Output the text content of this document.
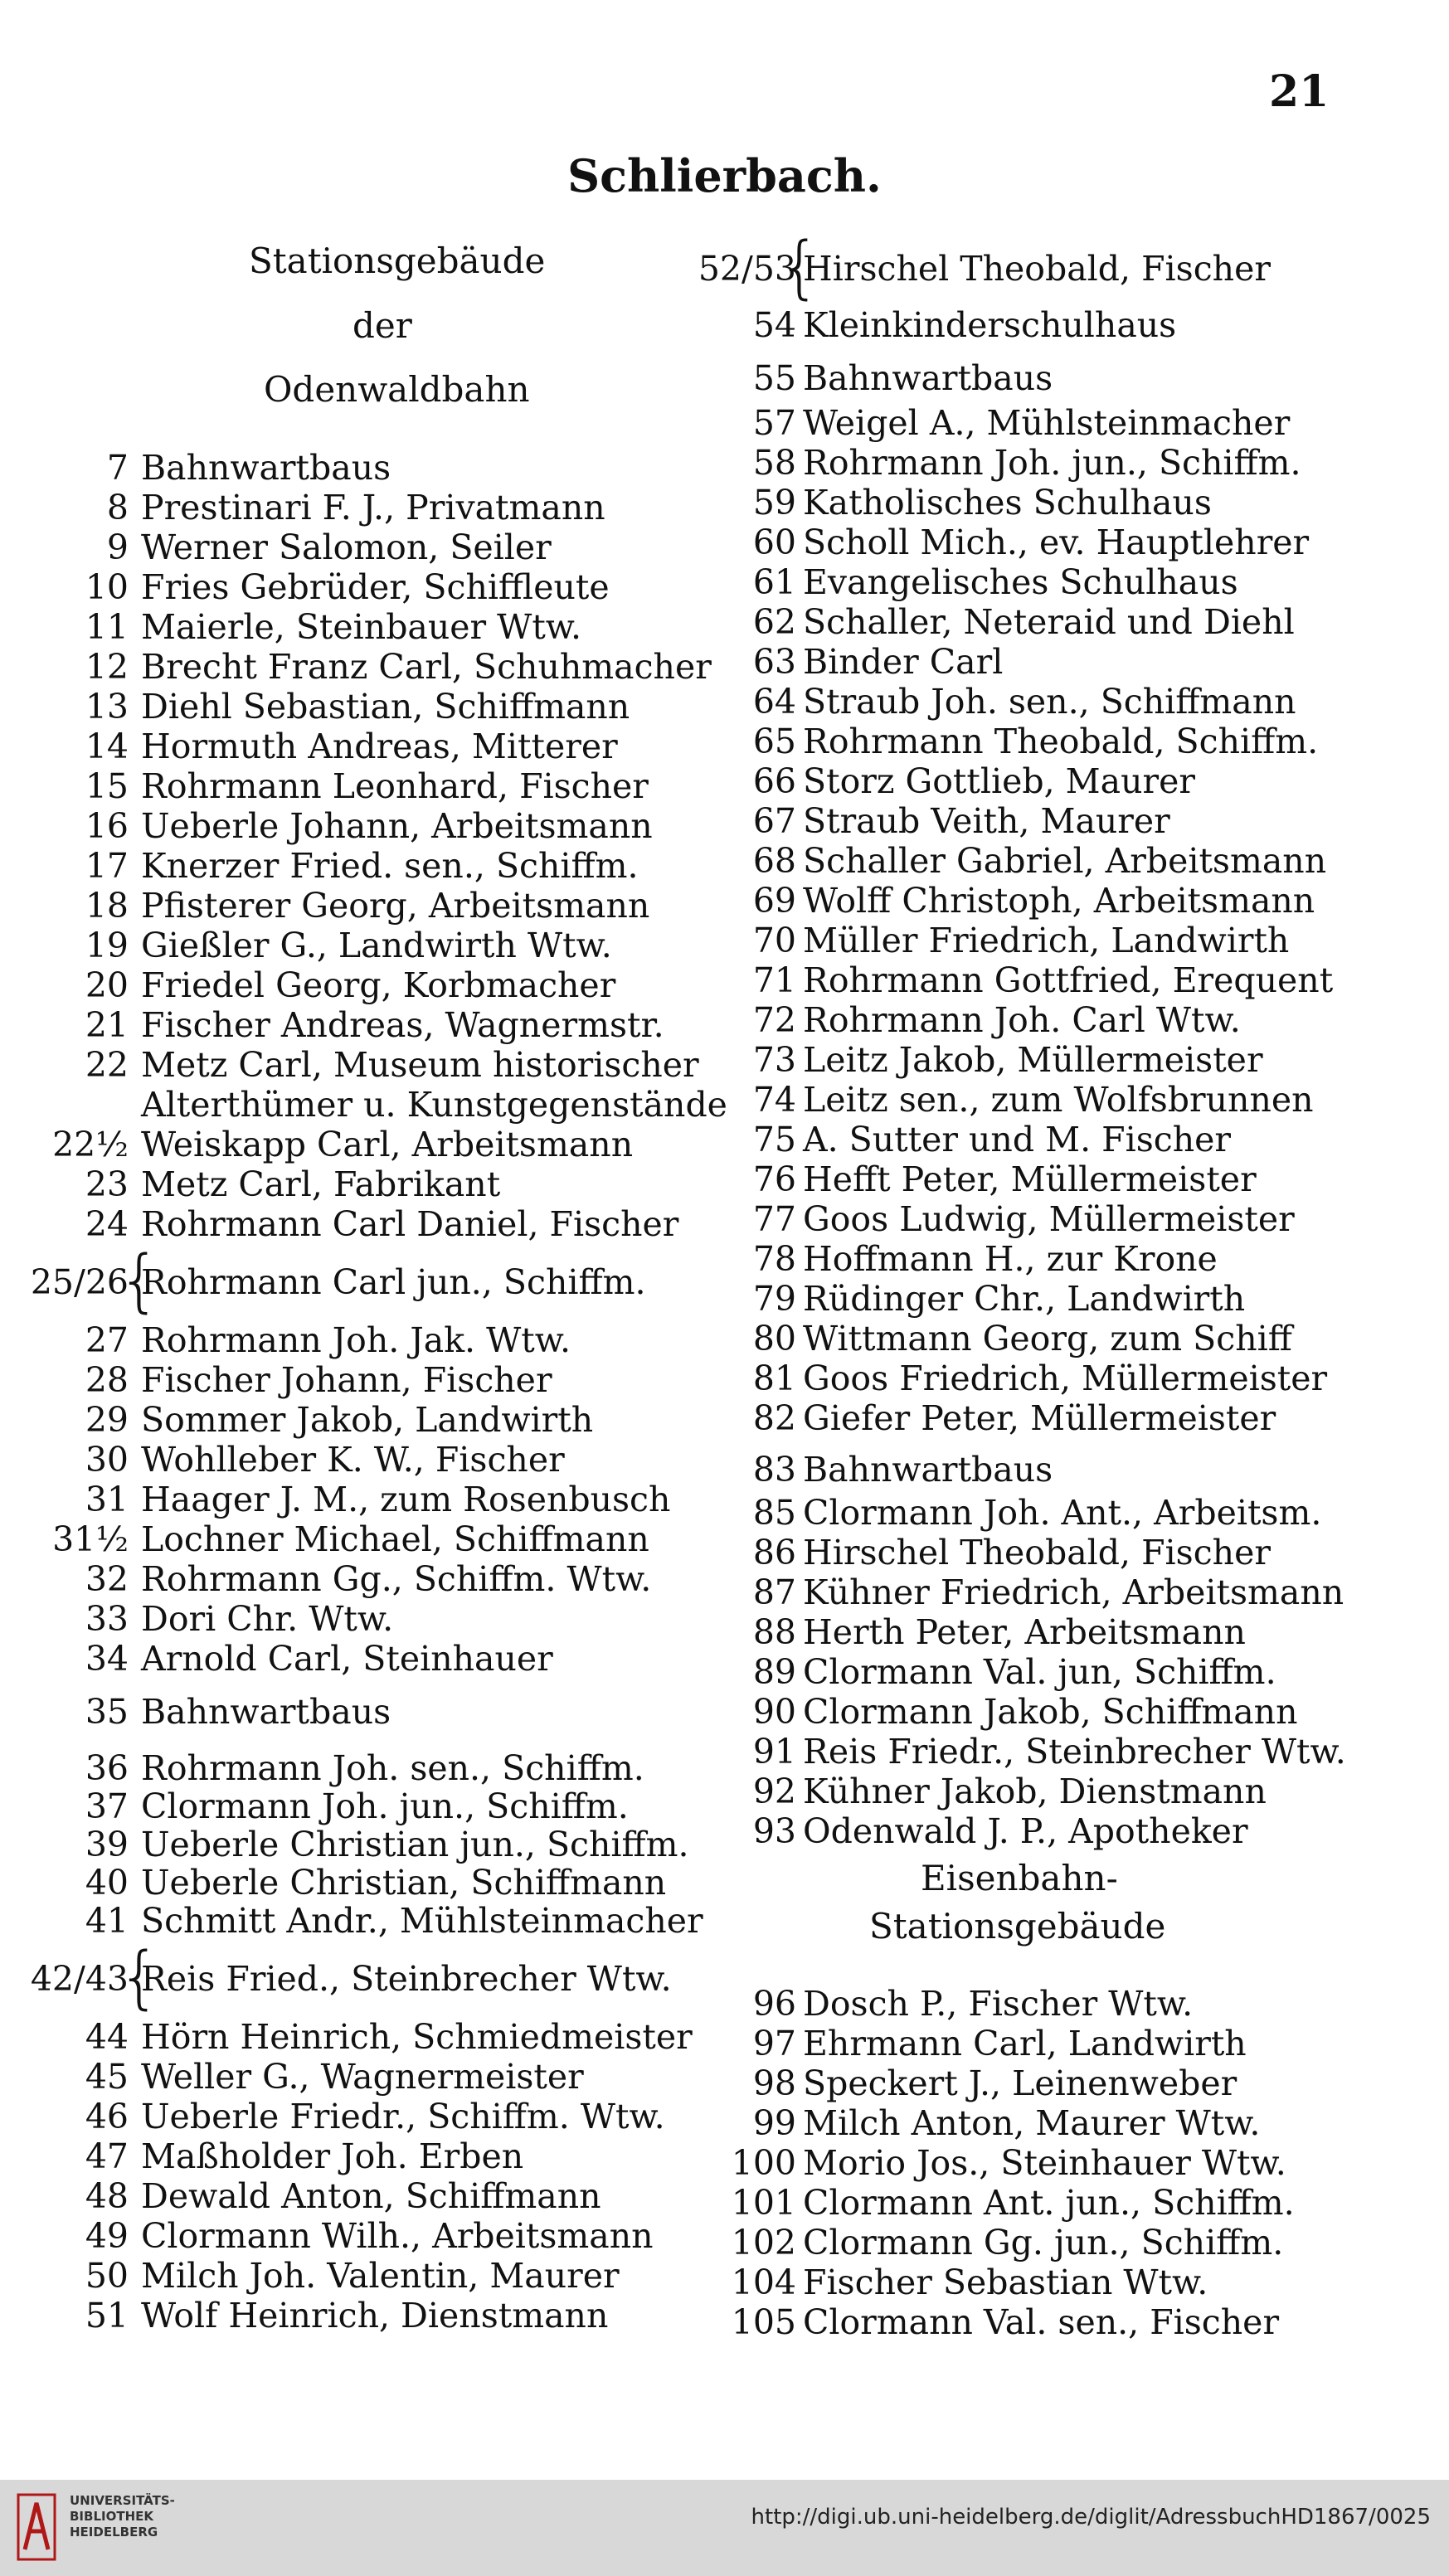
21
Schlierbach.
Stationsgebäude
der
Odenwaldbahn
7 Bahnwartbaus
8 Prestinari F. J., Privatmann
9 Werner Salomon, Seiler
10 Fries Gebrüder, Schiffleute
11 Maierle, Steinbauer Wtw.
12 Brecht Franz Carl, Schuhmacher
13 Diehl Sebastian, Schiffmann
14 Hormuth Andreas, Mitterer
15 Rohrmann Leonhard, Fischer
16 Ueberle Johann, Arbeitsmann
17 Knerzer Fried. sen., Schiffm.
18 Pfisterer Georg, Arbeitsmann
19 Gießler G., Landwirth Wtw.
20 Friedel Georg, Korbmacher
21 Fischer Andreas, Wagnermstr.
22 Metz Carl, Museum historischer
Alterthümer u. Kunstgegenstände
22½ Weiskapp Carl, Arbeitsmann
23 Metz Carl, Fabrikant
24 Rohrmann Carl Daniel, Fischer
{
25/26 Rohrmann Carl jun., Schiffm.
27 Rohrmann Joh. Jak. Wtw.
28 Fischer Johann, Fischer
29 Sommer Jakob, Landwirth
30 Wohlleber K. W., Fischer
31 Haager J. M., zum Rosenbusch
31½ Lochner Michael, Schiffmann
32 Rohrmann Gg., Schiffm. Wtw.
33 Dori Chr. Wtw.
34 Arnold Carl, Steinhauer
35 Bahnwartbaus
36 Rohrmann Joh. sen., Schiffm.
37 Clormann Joh. jun., Schiffm.
39 Ueberle Christian jun., Schiffm.
40 Ueberle Christian, Schiffmann
41 Schmitt Andr., Mühlsteinmacher
{
42/43 Reis Fried., Steinbrecher Wtw.
44 Hörn Heinrich, Schmiedmeister
45 Weller G., Wagnermeister
46 Ueberle Friedr., Schiffm. Wtw.
47 Maßholder Joh. Erben
48 Dewald Anton, Schiffmann
49 Clormann Wilh., Arbeitsmann
50 Milch Joh. Valentin, Maurer
51 Wolf Heinrich, Dienstmann
Eisenbahn-
Stationsgebäude
{
52/53 Hirschel Theobald, Fischer
54 Kleinkinderschulhaus
55 Bahnwartbaus
57 Weigel A., Mühlsteinmacher
58 Rohrmann Joh. jun., Schiffm.
59 Katholisches Schulhaus
60 Scholl Mich., ev. Hauptlehrer
61 Evangelisches Schulhaus
62 Schaller, Neteraid und Diehl
63 Binder Carl
64 Straub Joh. sen., Schiffmann
65 Rohrmann Theobald, Schiffm.
66 Storz Gottlieb, Maurer
67 Straub Veith, Maurer
68 Schaller Gabriel, Arbeitsmann
69 Wolff Christoph, Arbeitsmann
70 Müller Friedrich, Landwirth
71 Rohrmann Gottfried, Erequent
72 Rohrmann Joh. Carl Wtw.
73 Leitz Jakob, Müllermeister
74 Leitz sen., zum Wolfsbrunnen
75 A. Sutter und M. Fischer
76 Hefft Peter, Müllermeister
77 Goos Ludwig, Müllermeister
78 Hoffmann H., zur Krone
79 Rüdinger Chr., Landwirth
80 Wittmann Georg, zum Schiff
81 Goos Friedrich, Müllermeister
82 Giefer Peter, Müllermeister
83 Bahnwartbaus
85 Clormann Joh. Ant., Arbeitsm.
86 Hirschel Theobald, Fischer
87 Kühner Friedrich, Arbeitsmann
88 Herth Peter, Arbeitsmann
89 Clormann Val. jun, Schiffm.
90 Clormann Jakob, Schiffmann
91 Reis Friedr., Steinbrecher Wtw.
92 Kühner Jakob, Dienstmann
93 Odenwald J. P., Apotheker
96 Dosch P., Fischer Wtw.
97 Ehrmann Carl, Landwirth
98 Speckert J., Leinenweber
99 Milch Anton, Maurer Wtw.
100 Morio Jos., Steinhauer Wtw.
101 Clormann Ant. jun., Schiffm.
102 Clormann Gg. jun., Schiffm.
104 Fischer Sebastian Wtw.
105 Clormann Val. sen., Fischer
UNIVERSITÄTS-
BIBLIOTHEK
HEIDELBERG
http://digi.ub.uni-heidelberg.de/diglit/AdressbuchHD1867/0025
